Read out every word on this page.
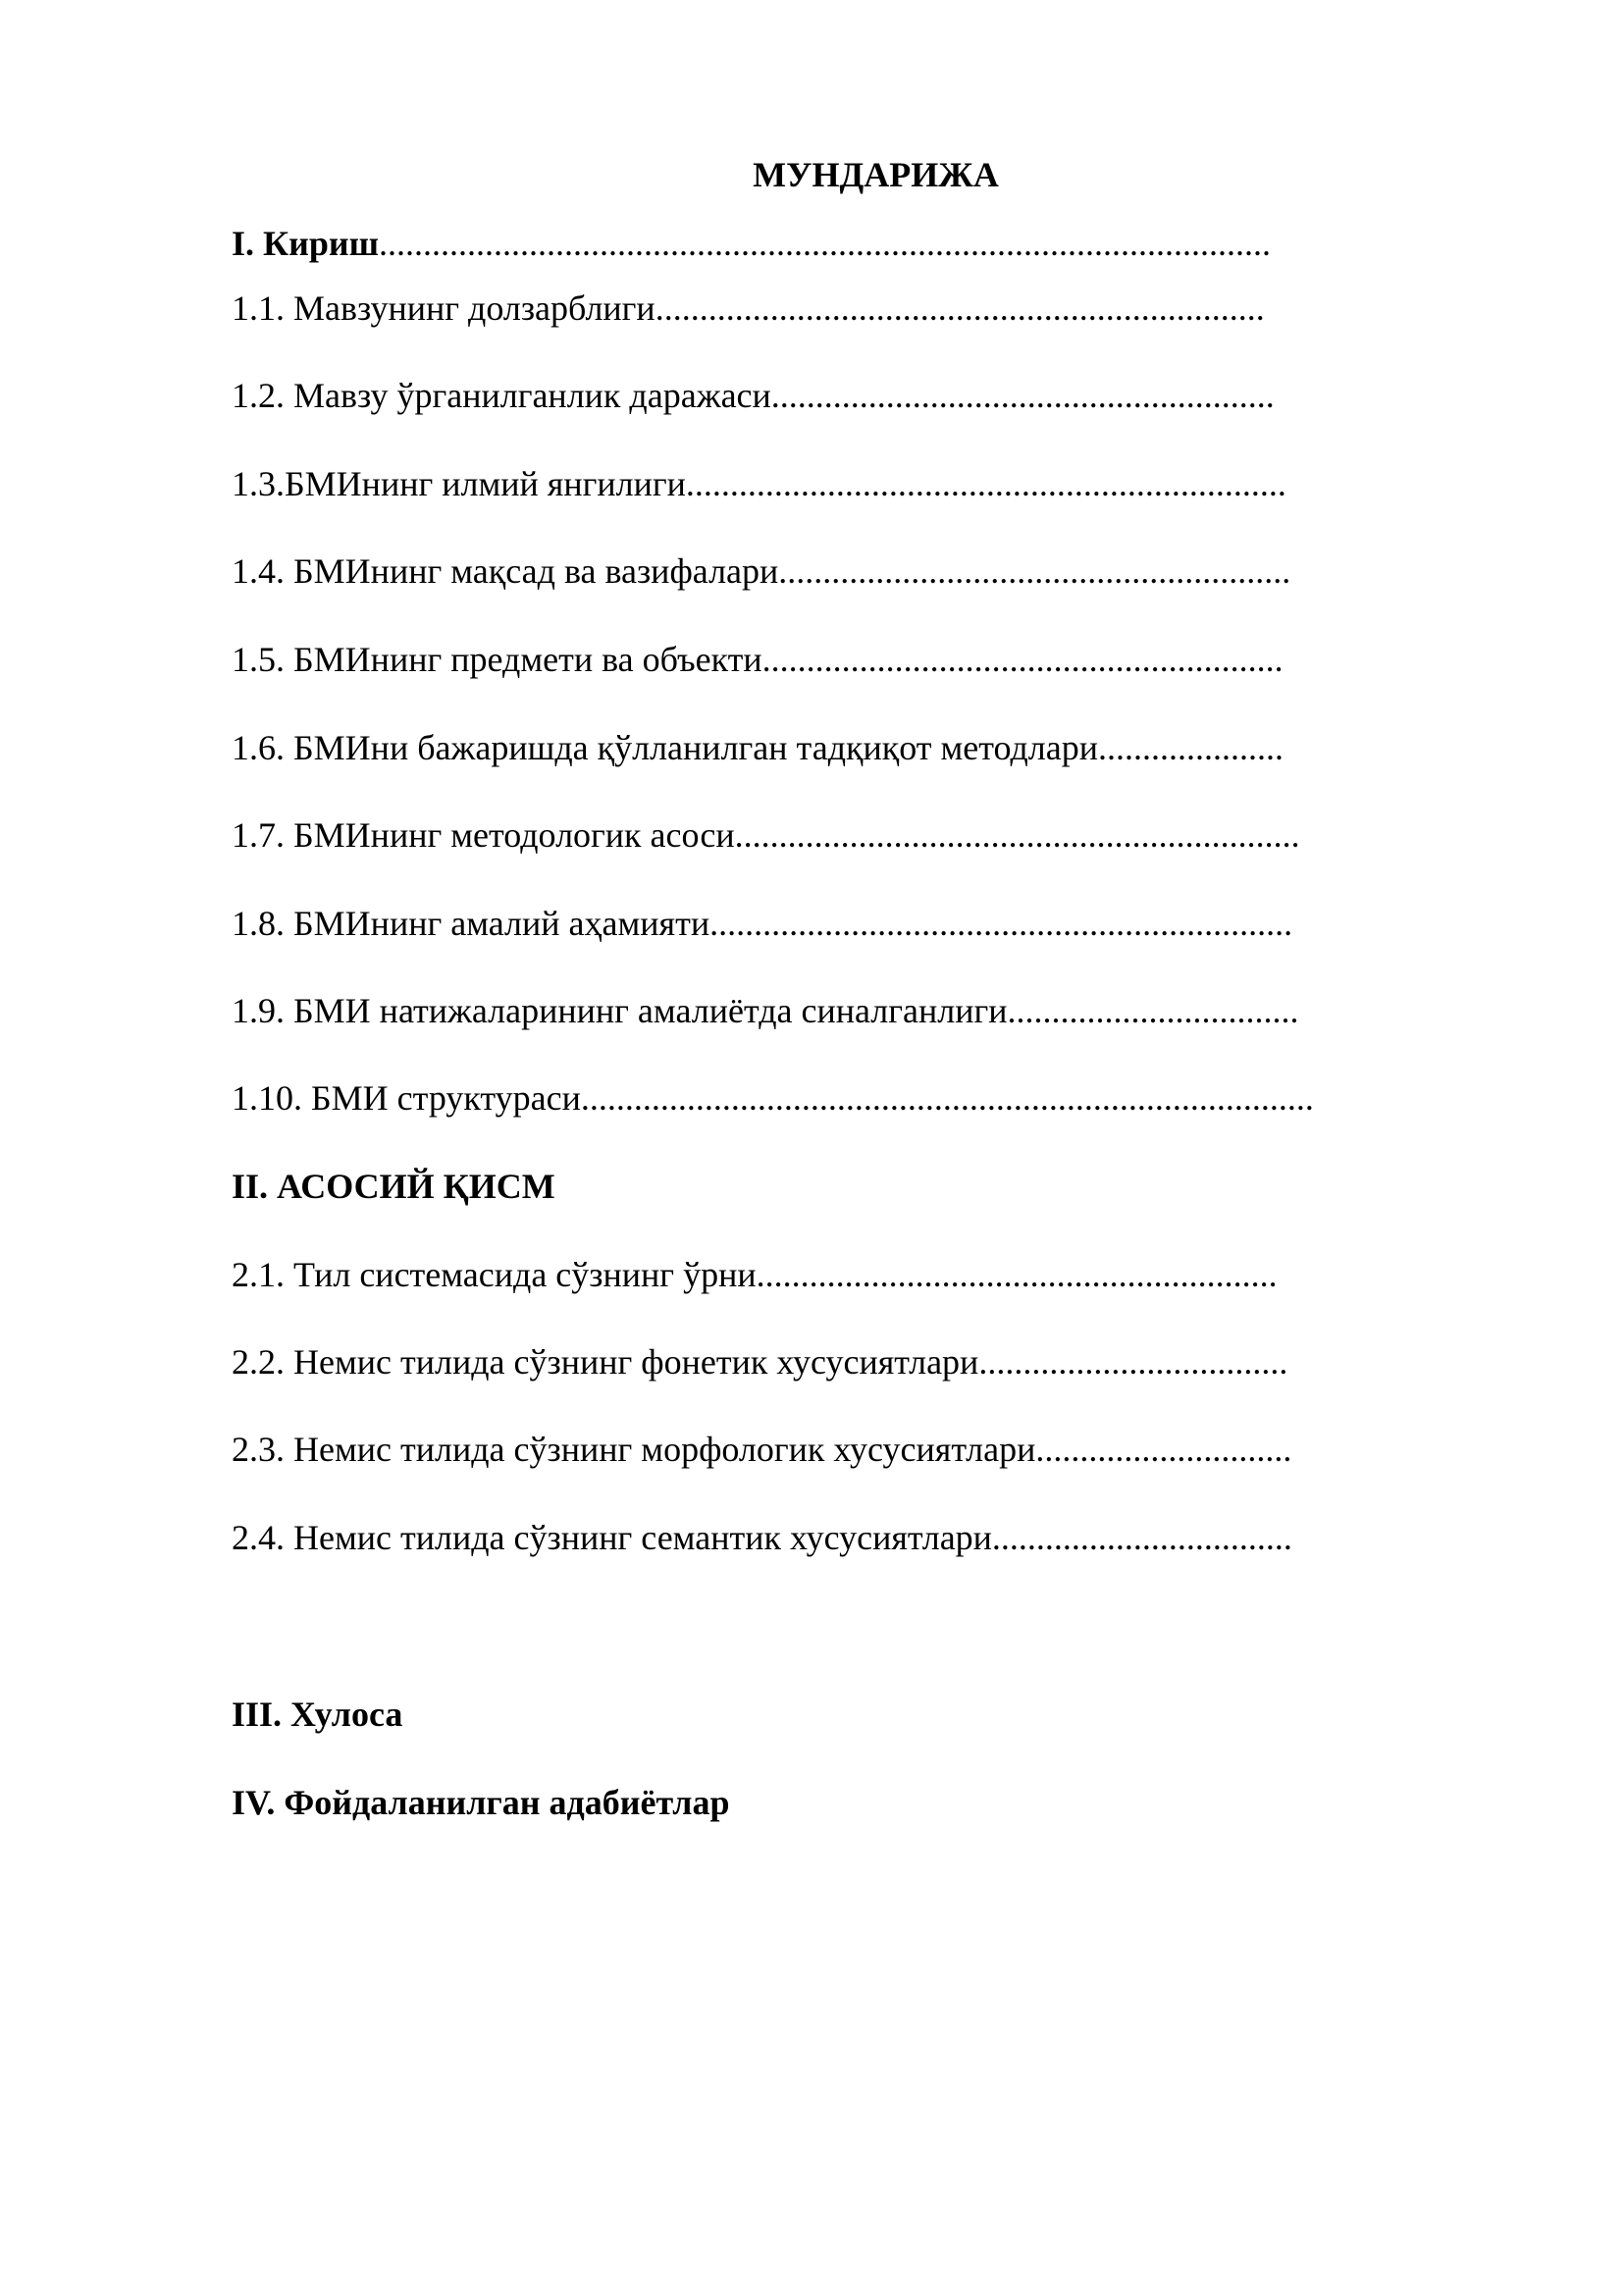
МУНДАРИЖА
I. Кириш.....................................................................................................
1.1. Мавзунинг долзарблиги.....................................................................
1.2. Мавзу ўрганилганлик даражаси.........................................................
1.3.БМИнинг илмий янгилиги....................................................................
1.4. БМИнинг мақсад ва вазифалари..........................................................
1.5. БМИнинг предмети ва объекти...........................................................
1.6. БМИни бажаришда қўлланилган тадқиқот методлари.....................
1.7. БМИнинг методологик асоси................................................................
1.8. БМИнинг амалий аҳамияти..................................................................
1.9. БМИ натижаларининг амалиётда синалганлиги.................................
1.10. БМИ структураси...................................................................................
II. АСОСИЙ ҚИСМ
2.1. Тил системасида сўзнинг ўрни...........................................................
2.2. Немис тилида сўзнинг фонетик хусусиятлари...................................
2.3. Немис тилида сўзнинг морфологик хусусиятлари.............................
2.4. Немис тилида сўзнинг семантик хусусиятлари..................................
III. Хулоса
IV. Фойдаланилган адабиётлар
